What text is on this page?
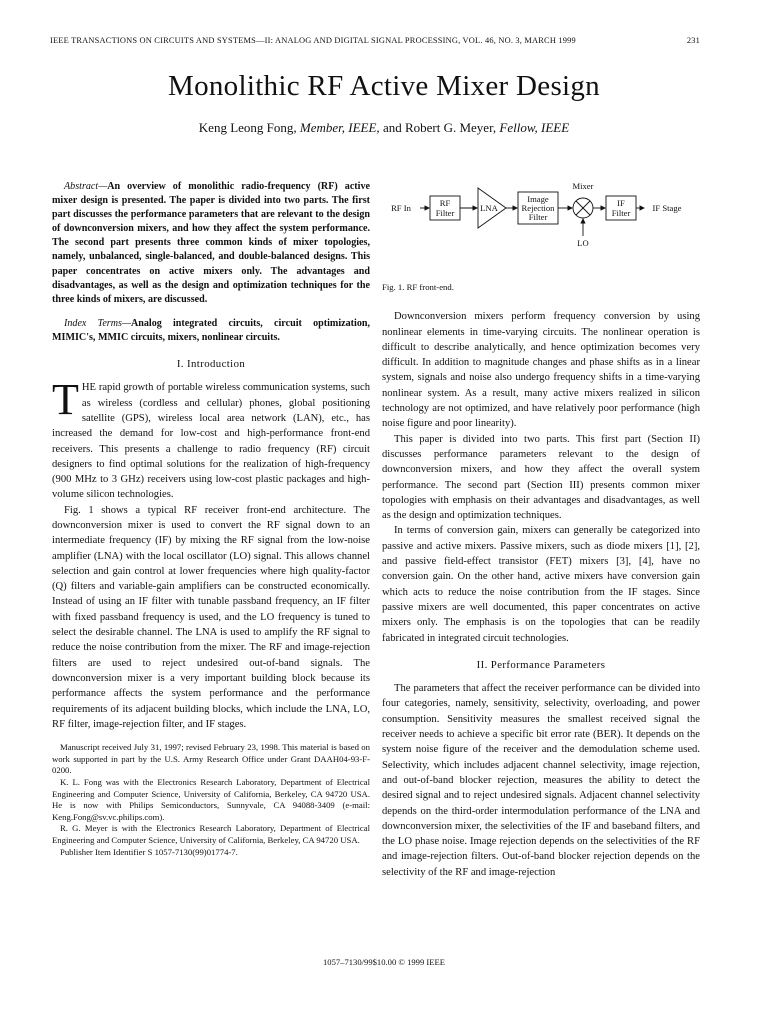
IEEE TRANSACTIONS ON CIRCUITS AND SYSTEMS—II: ANALOG AND DIGITAL SIGNAL PROCESSING, VOL. 46, NO. 3, MARCH 1999	231
Monolithic RF Active Mixer Design
Keng Leong Fong, Member, IEEE, and Robert G. Meyer, Fellow, IEEE

Abstract—An overview of monolithic radio-frequency (RF) active mixer design is presented. The paper is divided into two parts. The first part discusses the performance parameters that are relevant to the design of downconversion mixers, and how they affect the system performance. The second part presents three common kinds of mixer topologies, namely, unbalanced, single-balanced, and double-balanced designs. This paper concentrates on active mixers only. The advantages and disadvantages, as well as the design and optimization techniques for the three kinds of mixers, are discussed.

Index Terms—Analog integrated circuits, circuit optimization, MIMIC's, MMIC circuits, mixers, nonlinear circuits.

I. Introduction

THE rapid growth of portable wireless communication systems, such as wireless (cordless and cellular) phones, global positioning satellite (GPS), wireless local area network (LAN), etc., has increased the demand for low-cost and high-performance front-end receivers. This presents a challenge to radio frequency (RF) circuit designers to find optimal solutions for the realization of high-frequency (900 MHz to 3 GHz) receivers using low-cost plastic packages and high-volume silicon technologies.

Fig. 1 shows a typical RF receiver front-end architecture. The downconversion mixer is used to convert the RF signal down to an intermediate frequency (IF) by mixing the RF signal from the low-noise amplifier (LNA) with the local oscillator (LO) signal. This allows channel selection and gain control at lower frequencies where high quality-factor (Q) filters and variable-gain amplifiers can be constructed economically. Instead of using an IF filter with tunable passband frequency, an IF filter with fixed passband frequency is used, and the LO frequency is tuned to select the desirable channel. The LNA is used to amplify the RF signal to reduce the noise contribution from the mixer. The RF and image-rejection filters are used to reject undesired out-of-band signals. The downconversion mixer is a very important building block because its performance affects the system performance and the performance requirements of its adjacent building blocks, which include the LNA, LO, RF filter, image-rejection filter, and IF stages.

Manuscript received July 31, 1997; revised February 23, 1998. This material is based on work supported in part by the U.S. Army Research Office under Grant DAAH04-93-F-0200.

K. L. Fong was with the Electronics Research Laboratory, Department of Electrical Engineering and Computer Science, University of California, Berkeley, CA 94720 USA. He is now with Philips Semiconductors, Sunnyvale, CA 94088-3409 (e-mail: Keng.Fong@sv.vc.philips.com).

R. G. Meyer is with the Electronics Research Laboratory, Department of Electrical Engineering and Computer Science, University of California, Berkeley, CA 94720 USA.

Publisher Item Identifier S 1057-7130(99)01774-7.

RF In	RF
Filter	LNA
Image
Rejection
Filter
Mixer
IF
Filter	IF Stage
LO
Fig. 1. RF front-end.

Downconversion mixers perform frequency conversion by using nonlinear elements in time-varying circuits. The nonlinear operation is difficult to describe analytically, and hence optimization becomes very difficult. In addition to magnitude changes and phase shifts as in a linear system, signals and noise also undergo frequency shifts in a time-varying nonlinear system. As a result, many active mixers realized in silicon technology are not optimized, and have relatively poor performance (high noise figure and poor linearity).

This paper is divided into two parts. This first part (Section II) discusses performance parameters relevant to the design of downconversion mixers, and how they affect the overall system performance. The second part (Section III) presents common mixer topologies with emphasis on their advantages and disadvantages, as well as the design and optimization techniques.

In terms of conversion gain, mixers can generally be categorized into passive and active mixers. Passive mixers, such as diode mixers [1], [2], and passive field-effect transistor (FET) mixers [3], [4], have no conversion gain. On the other hand, active mixers have conversion gain which acts to reduce the noise contribution from the IF stages. Since passive mixers are well documented, this paper concentrates on active mixers only. The emphasis is on the topologies that can be readily fabricated in integrated circuit technologies.

II. Performance Parameters

The parameters that affect the receiver performance can be divided into four categories, namely, sensitivity, selectivity, overloading, and power consumption. Sensitivity measures the smallest received signal the receiver needs to achieve a specific bit error rate (BER). It depends on the system noise figure of the receiver and the demodulation scheme used. Selectivity, which includes adjacent channel selectivity, image rejection, and out-of-band blocker rejection, measures the ability to detect the desired signal and to reject undesired signals. Adjacent channel selectivity depends on the third-order intermodulation performance of the LNA and downconversion mixer, the selectivities of the IF and baseband filters, and the LO phase noise. Image rejection depends on the selectivities of the RF and image-rejection filters. Out-of-band blocker rejection depends on the selectivity of the RF and image-rejection

1057–7130/99$10.00 © 1999 IEEE
